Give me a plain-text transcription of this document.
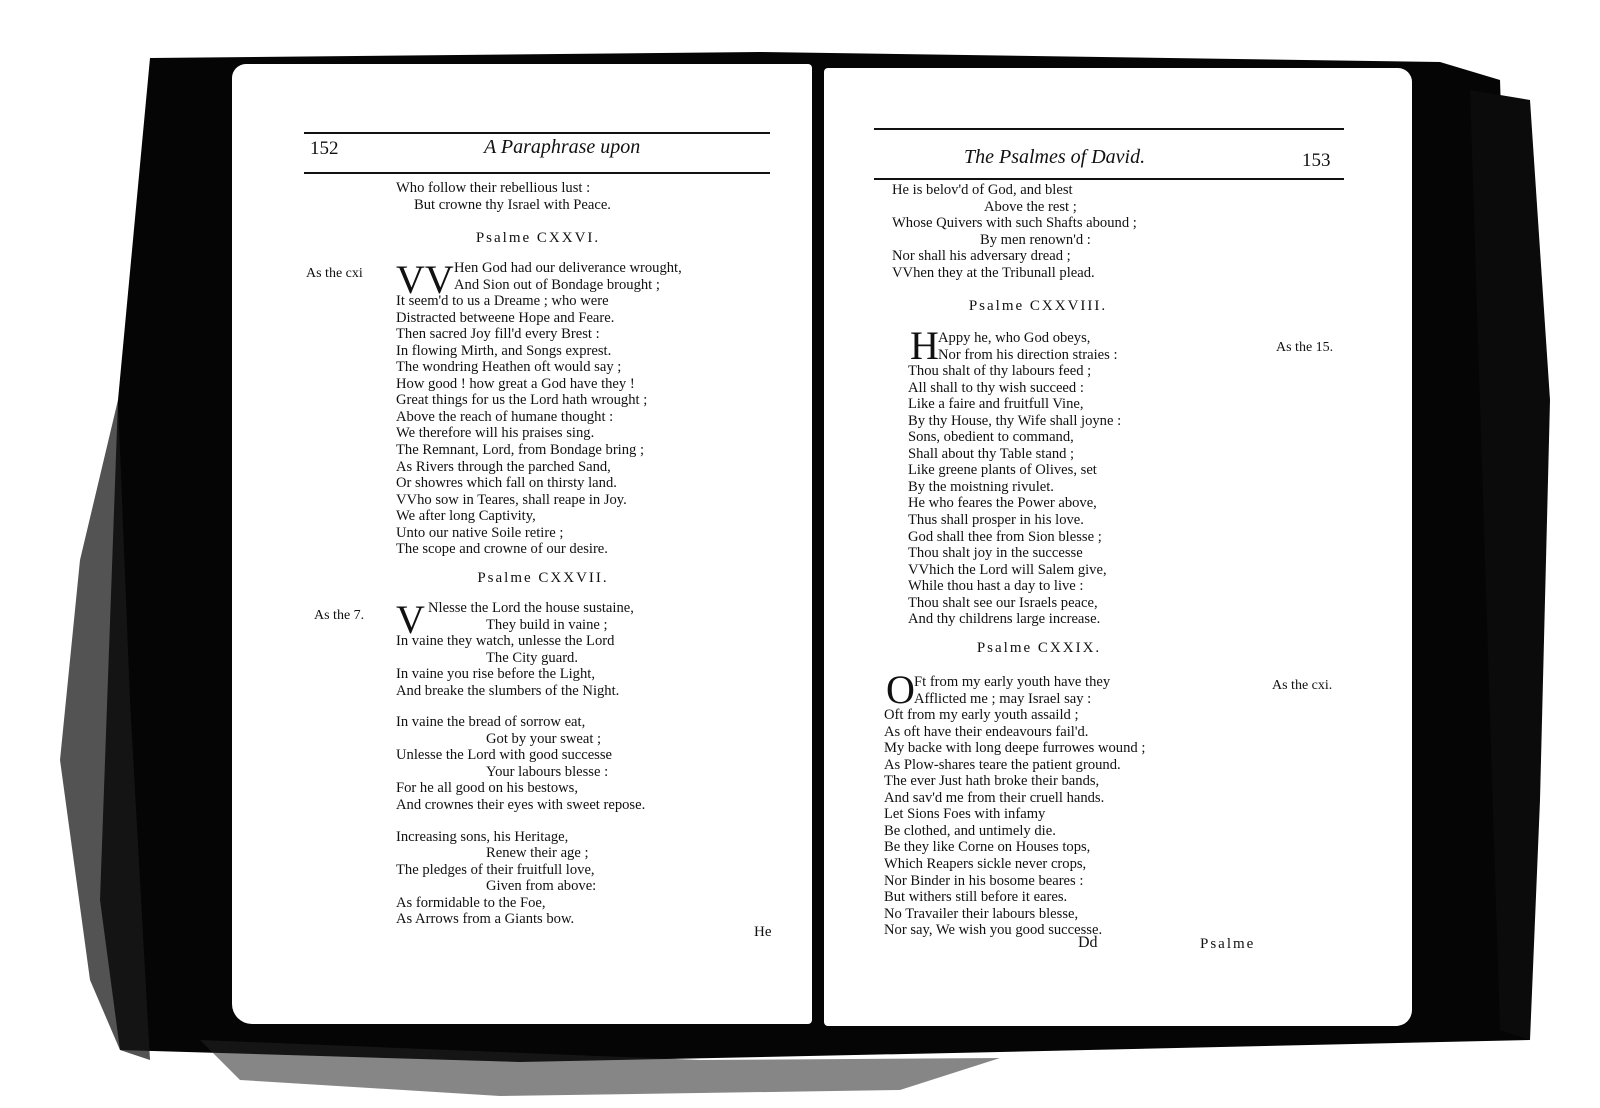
152	A Paraphrase upon
Who follow their rebellious lust :
But crowne thy Israel with Peace.
Psalme CXXVI.
As the cxi VV Hen God had our deliverance wrought,
And Sion out of Bondage brought ;
It seem'd to us a Dreame ; who were
Distracted betweene Hope and Feare.
Then sacred Joy fill'd every Brest :
In flowing Mirth, and Songs exprest.
The wondring Heathen oft would say ;
How good ! how great a God have they !
Great things for us the Lord hath wrought ;
Above the reach of humane thought :
We therefore will his praises sing.
The Remnant, Lord, from Bondage bring ;
As Rivers through the parched Sand,
Or showres which fall on thirsty land.
VVho sow in Teares, shall reape in Joy.
We after long Captivity,
Unto our native Soile retire ;
The scope and crowne of our desire.
Psalme CXXVII.
As the 7. V Nlesse the Lord the house sustaine,
They build in vaine ;
In vaine they watch, unlesse the Lord
The City guard.
In vaine you rise before the Light,
And breake the slumbers of the Night.
In vaine the bread of sorrow eat,
Got by your sweat ;
Unlesse the Lord with good successe
Your labours blesse :
For he all good on his bestows,
And crownes their eyes with sweet repose.
Increasing sons, his Heritage,
Renew their age ;
The pledges of their fruitfull love,
Given from above:
As formidable to the Foe,
As Arrows from a Giants bow.
He
The Psalmes of David.	153
He is belov'd of God, and blest
Above the rest ;
Whose Quivers with such Shafts abound ;
By men renown'd :
Nor shall his adversary dread ;
VVhen they at the Tribunall plead.
Psalme CXXVIII.
As the 15.
H Appy he, who God obeys,
Nor from his direction straies :
Thou shalt of thy labours feed ;
All shall to thy wish succeed :
Like a faire and fruitfull Vine,
By thy House, thy Wife shall joyne :
Sons, obedient to command,
Shall about thy Table stand ;
Like greene plants of Olives, set
By the moistning rivulet.
He who feares the Power above,
Thus shall prosper in his love.
God shall thee from Sion blesse ;
Thou shalt joy in the successe
VVhich the Lord will Salem give,
While thou hast a day to live :
Thou shalt see our Israels peace,
And thy childrens large increase.
Psalme CXXIX.
As the cxi.
O Ft from my early youth have they
Afflicted me ; may Israel say :
Oft from my early youth assaild ;
As oft have their endeavours fail'd.
My backe with long deepe furrowes wound ;
As Plow-shares teare the patient ground.
The ever Just hath broke their bands,
And sav'd me from their cruell hands.
Let Sions Foes with infamy
Be clothed, and untimely die.
Be they like Corne on Houses tops,
Which Reapers sickle never crops,
Nor Binder in his bosome beares :
But withers still before it eares.
No Travailer their labours blesse,
Nor say, We wish you good successe.
Dd	Psalme
